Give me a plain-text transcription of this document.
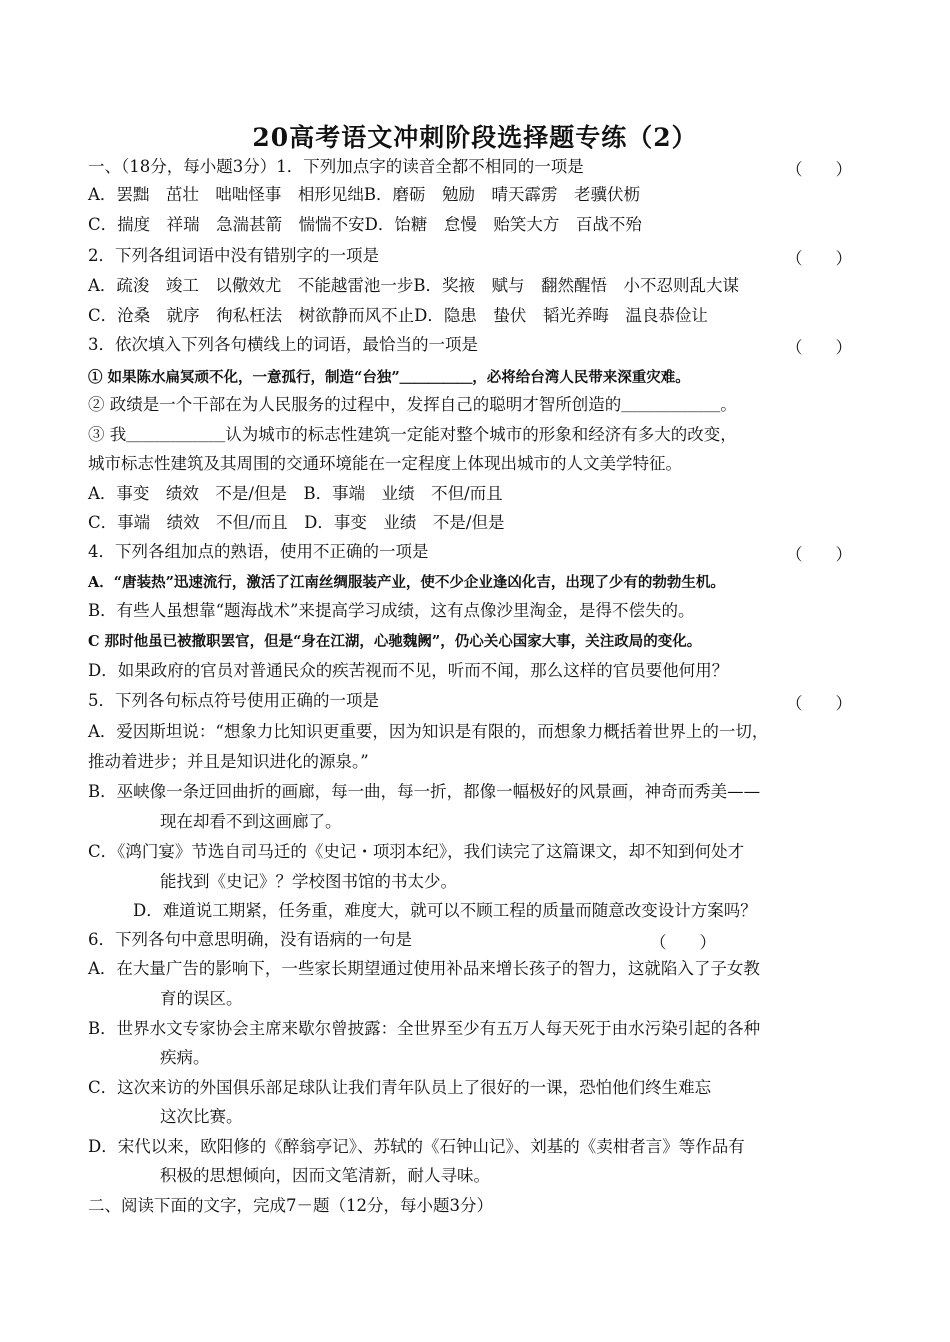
20高考语文冲刺阶段选择题专练（2）
一、（18分，每小题3分）1．下列加点字的读音全都不相同的一项是	（　　）
A．罢黜　茁壮　咄咄怪事　相形见绌B．磨砺　勉励　晴天霹雳　老骥伏枥
C．揣度　祥瑞　急湍甚箭　惴惴不安D．饴糖　怠慢　贻笑大方　百战不殆
2．下列各组词语中没有错别字的一项是	（　　）
A．疏浚　竣工　以儆效尤　不能越雷池一步B．奖掖　赋与　翻然醒悟　小不忍则乱大谋
C．沧桑　就序　徇私枉法　树欲静而风不止D．隐患　蛰伏　韬光养晦　温良恭俭让
3．依次填入下列各句横线上的词语，最恰当的一项是	（　　）
① 如果陈水扁冥顽不化，一意孤行，制造“台独”＿＿＿＿＿，必将给台湾人民带来深重灾难。
② 政绩是一个干部在为人民服务的过程中，发挥自己的聪明才智所创造的＿＿＿＿＿＿。
③ 我＿＿＿＿＿＿认为城市的标志性建筑一定能对整个城市的形象和经济有多大的改变，
城市标志性建筑及其周围的交通环境能在一定程度上体现出城市的人文美学特征。
A．事变　绩效　不是/但是　B．事端　业绩　不但/而且
C．事端　绩效　不但/而且　D．事变　业绩　不是/但是
4．下列各组加点的熟语，使用不正确的一项是	（　　）
A．“唐装热”迅速流行，激活了江南丝绸服装产业，使不少企业逢凶化吉，出现了少有的勃勃生机。
B．有些人虽想靠“题海战术”来提高学习成绩，这有点像沙里淘金，是得不偿失的。
C 那时他虽已被撤职罢官，但是“身在江湖，心驰魏阙”，仍心关心国家大事，关注政局的变化。
D．如果政府的官员对普通民众的疾苦视而不见，听而不闻，那么这样的官员要他何用？
5．下列各句标点符号使用正确的一项是	（　　）
A．爱因斯坦说：“想象力比知识更重要，因为知识是有限的，而想象力概括着世界上的一切，
推动着进步；并且是知识进化的源泉。”
B．巫峡像一条迂回曲折的画廊，每一曲，每一折，都像一幅极好的风景画，神奇而秀美——
现在却看不到这画廊了。
C．《鸿门宴》节选自司马迁的《史记・项羽本纪》，我们读完了这篇课文，却不知到何处才
能找到《史记》？学校图书馆的书太少。
D．难道说工期紧，任务重，难度大，就可以不顾工程的质量而随意改变设计方案吗？
6．下列各句中意思明确，没有语病的一句是	（　　）
A．在大量广告的影响下，一些家长期望通过使用补品来增长孩子的智力，这就陷入了子女教
育的误区。
B．世界水文专家协会主席来歇尔曾披露：全世界至少有五万人每天死于由水污染引起的各种
疾病。
C．这次来访的外国俱乐部足球队让我们青年队员上了很好的一课，恐怕他们终生难忘
这次比赛。
D．宋代以来，欧阳修的《醉翁亭记》、苏轼的《石钟山记》、刘基的《卖柑者言》等作品有
积极的思想倾向，因而文笔清新，耐人寻味。
二、阅读下面的文字，完成7－题（12分，每小题3分）
